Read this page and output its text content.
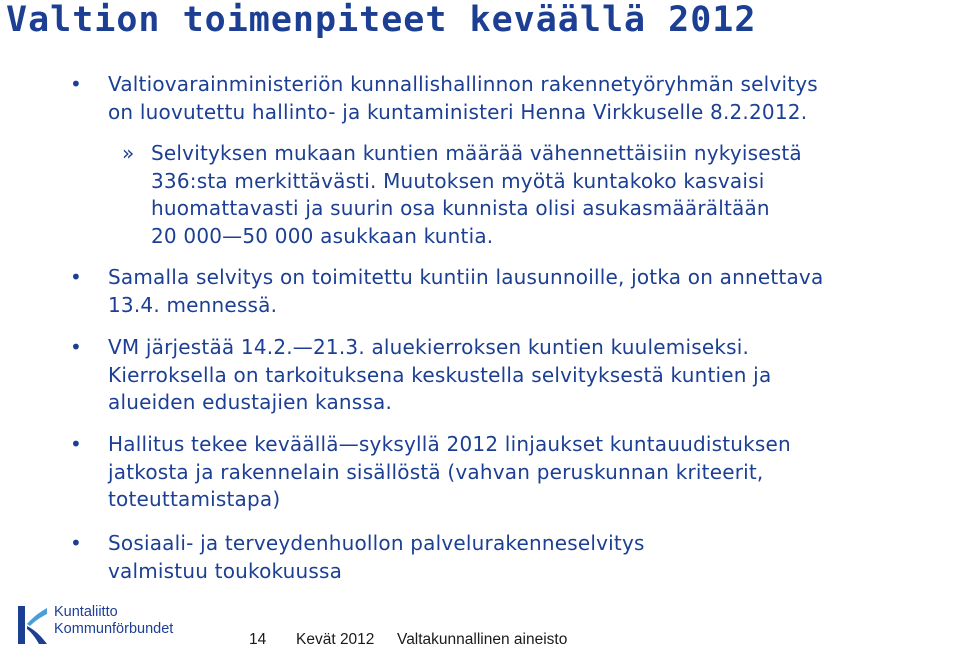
Valtion toimenpiteet keväällä 2012
• Valtiovarainministeriön kunnallishallinnon rakennetyöryhmän selvitys
on luovutettu hallinto- ja kuntaministeri Henna Virkkuselle 8.2.2012.
» Selvityksen mukaan kuntien määrää vähennettäisiin nykyisestä
336:sta merkittävästi. Muutoksen myötä kuntakoko kasvaisi
huomattavasti ja suurin osa kunnista olisi asukasmäärältään
20 000—50 000 asukkaan kuntia.
• Samalla selvitys on toimitettu kuntiin lausunnoille, jotka on annettava
13.4. mennessä.
• VM järjestää 14.2.—21.3. aluekierroksen kuntien kuulemiseksi.
Kierroksella on tarkoituksena keskustella selvityksestä kuntien ja
alueiden edustajien kanssa.
• Hallitus tekee keväällä—syksyllä 2012 linjaukset kuntauudistuksen
jatkosta ja rakennelain sisällöstä (vahvan peruskunnan kriteerit,
toteuttamistapa)
• Sosiaali- ja terveydenhuollon palvelurakenneselvitys
valmistuu toukokuussa
Kuntaliitto
Kommunförbundet
14 Kevät 2012 Valtakunnallinen aineisto
